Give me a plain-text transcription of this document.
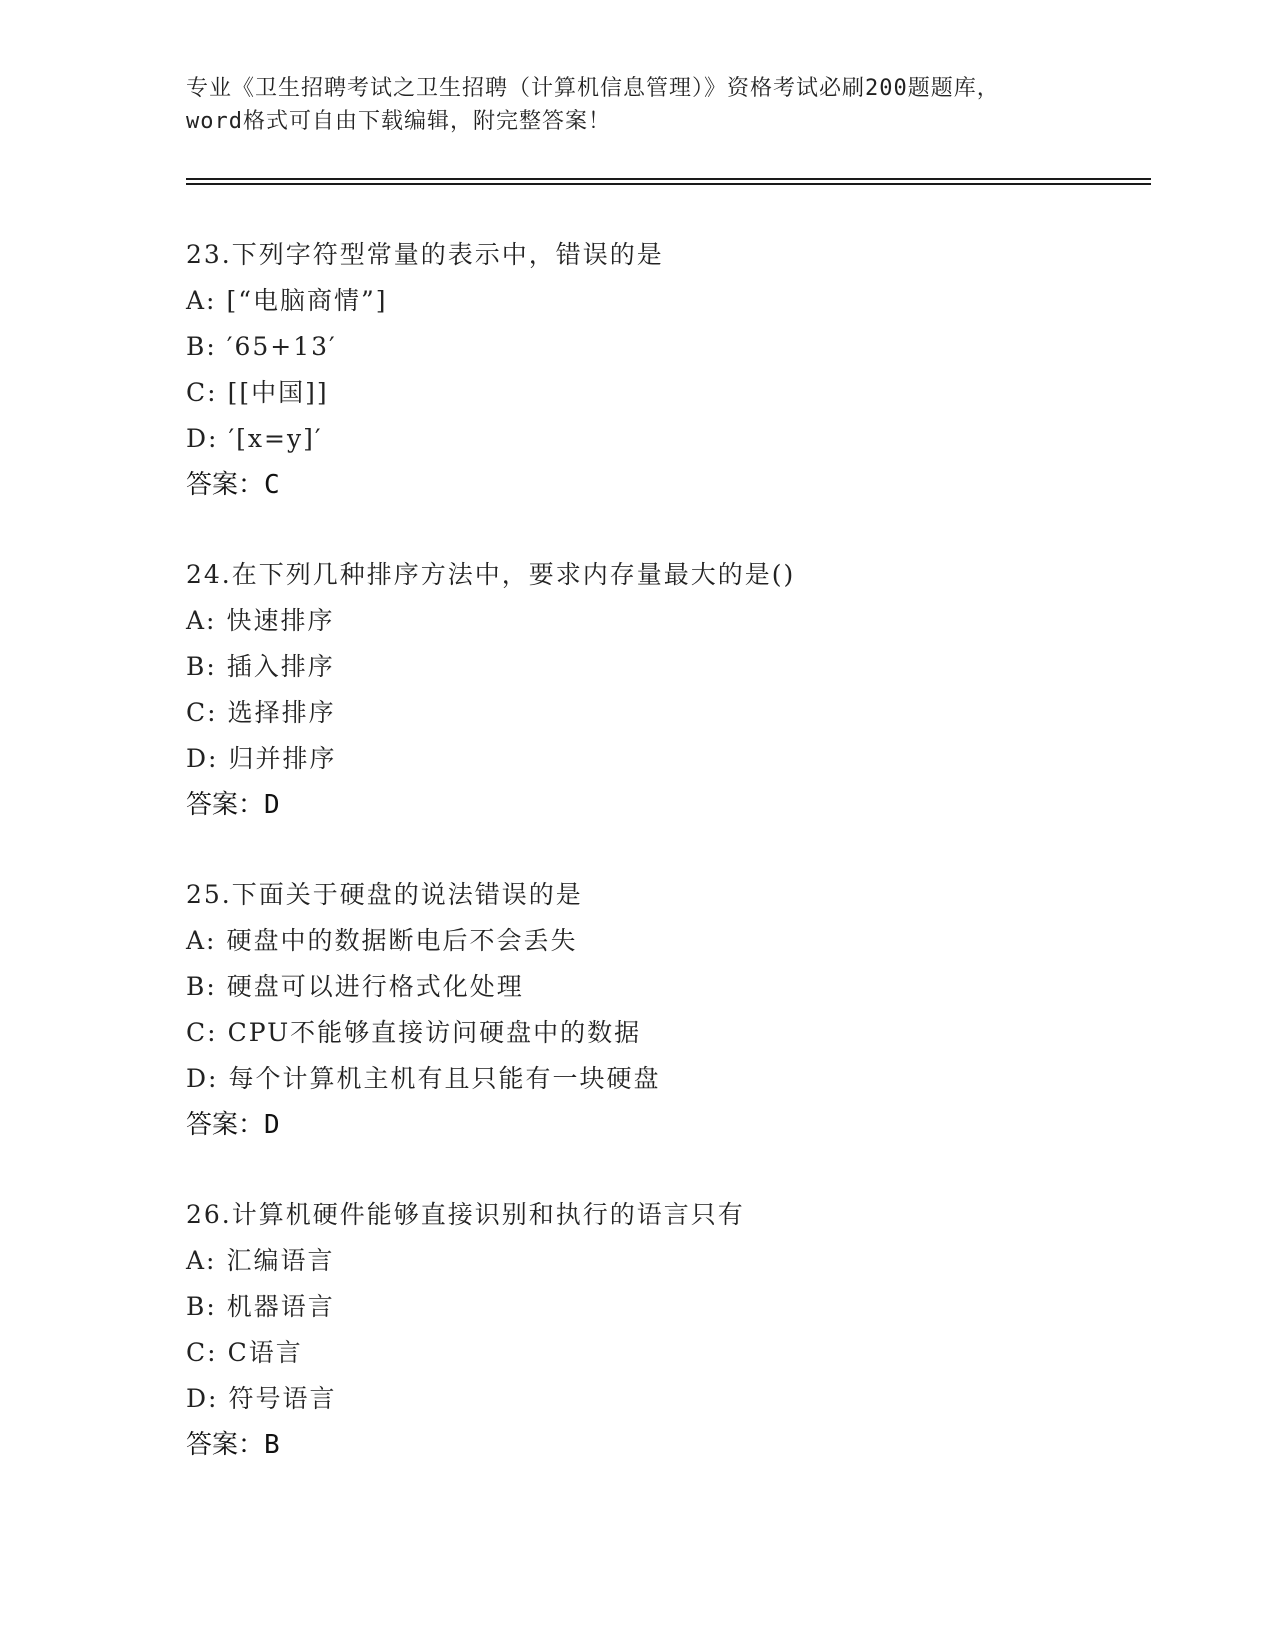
专业《卫生招聘考试之卫生招聘（计算机信息管理）》资格考试必刷200题题库，
word格式可自由下载编辑，附完整答案！
23.下列字符型常量的表示中，错误的是
A: [“电脑商情”]
B: ′65+13′
C: [[中国]]
D: ′[x=y]′
答案：C
24.在下列几种排序方法中，要求内存量最大的是()
A: 快速排序
B: 插入排序
C: 选择排序
D: 归并排序
答案：D
25.下面关于硬盘的说法错误的是
A: 硬盘中的数据断电后不会丢失
B: 硬盘可以进行格式化处理
C: CPU不能够直接访问硬盘中的数据
D: 每个计算机主机有且只能有一块硬盘
答案：D
26.计算机硬件能够直接识别和执行的语言只有
A: 汇编语言
B: 机器语言
C: C语言
D: 符号语言
答案：B
